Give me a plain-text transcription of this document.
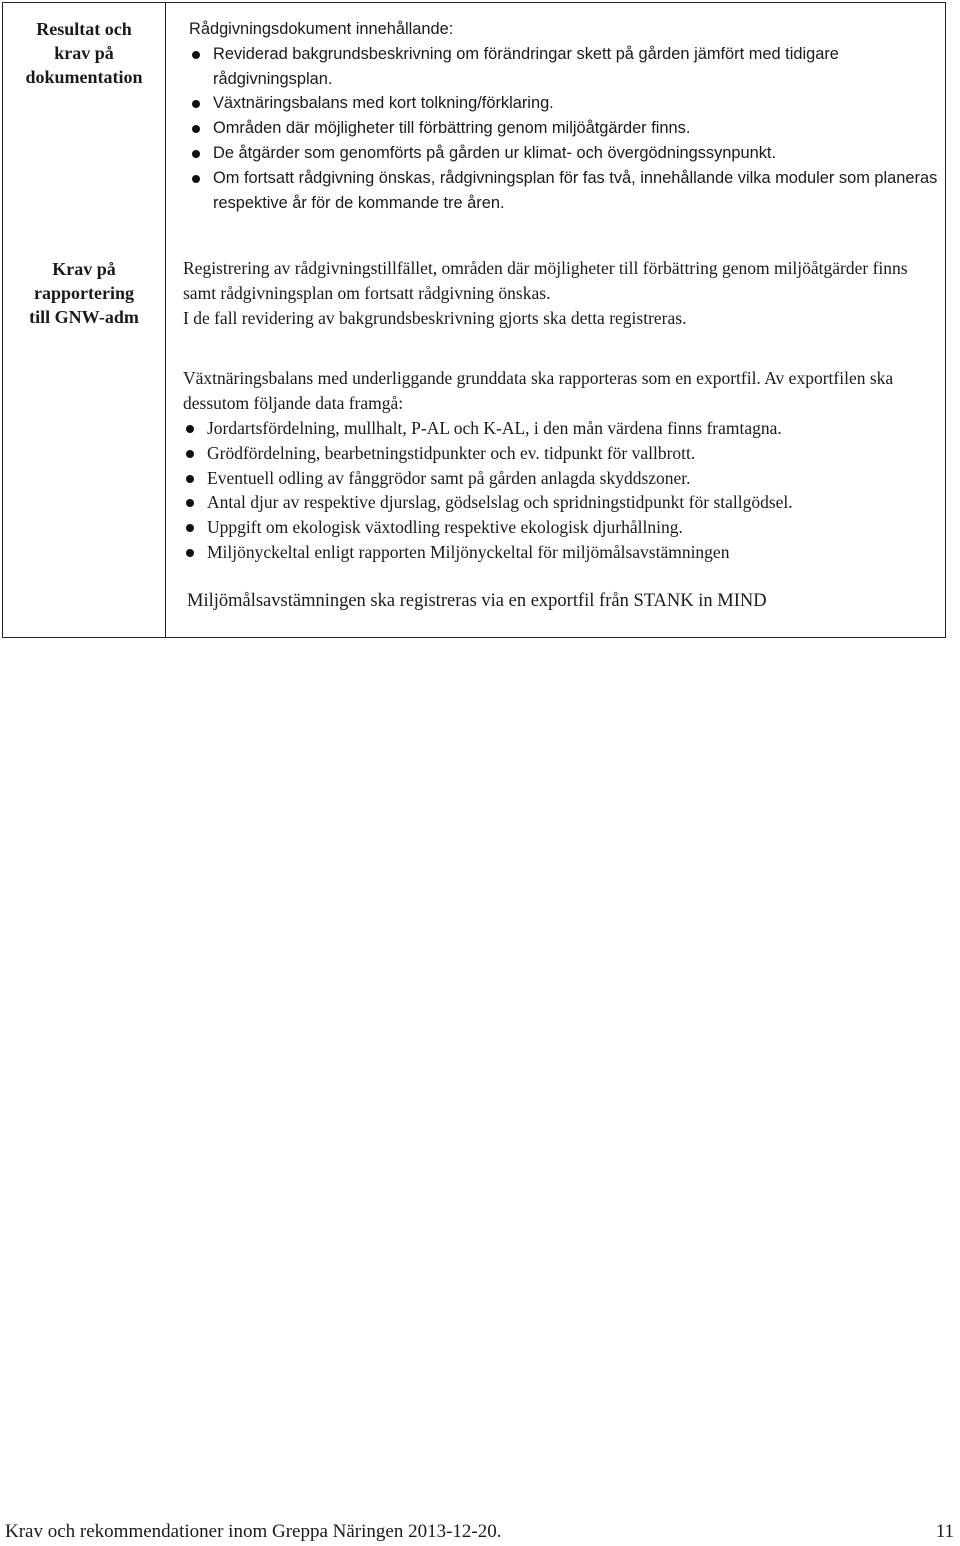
Resultat och
krav på
dokumentation

Rådgivningsdokument innehållande:

Reviderad bakgrundsbeskrivning om förändringar skett på gården jämfört med tidigare rådgivningsplan.
Växtnäringsbalans med kort tolkning/förklaring.
Områden där möjligheter till förbättring genom miljöåtgärder finns.
De åtgärder som genomförts på gården ur klimat- och övergödningssynpunkt.
Om fortsatt rådgivning önskas, rådgivningsplan för fas två, innehållande vilka moduler som planeras respektive år för de kommande tre åren.
Krav på
rapportering
till GNW-adm

Registrering av rådgivningstillfället, områden där möjligheter till förbättring genom miljöåtgärder finns samt rådgivningsplan om fortsatt rådgivning önskas.

I de fall revidering av bakgrundsbeskrivning gjorts ska detta registreras.

Växtnäringsbalans med underliggande grunddata ska rapporteras som en exportfil. Av exportfilen ska dessutom följande data framgå:

Jordartsfördelning, mullhalt, P-AL och K-AL, i den mån värdena finns framtagna.
Grödfördelning, bearbetningstidpunkter och ev. tidpunkt för vallbrott.
Eventuell odling av fånggrödor samt på gården anlagda skyddszoner.
Antal djur av respektive djurslag, gödselslag och spridningstidpunkt för stallgödsel.
Uppgift om ekologisk växtodling respektive ekologisk djurhållning.
Miljönyckeltal enligt rapporten Miljönyckeltal för miljömålsavstämningen

Miljömålsavstämningen ska registreras via en exportfil från STANK in MIND

Krav och rekommendationer inom Greppa Näringen 2013-12-20.	11
